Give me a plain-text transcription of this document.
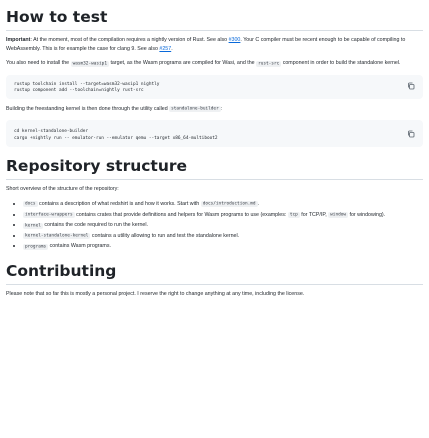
How to test

Important: At the moment, most of the compilation requires a nightly version of Rust. See also #300. Your C compiler must be recent enough to be capable of compiling to WebAssembly. This is for example the case for clang 9. See also #257.

You also need to install the wasm32-wasip1 target, as the Wasm programs are compiled for Wasi, and the rust-src component in order to build the standalone kernel.

rustup toolchain install --target=wasm32-wasip1 nightly
rustup component add --toolchain=nightly rust-src

Building the freestanding kernel is then done through the utility called standalone-builder :

cd kernel-standalone-builder
cargo +nightly run -- emulator-run --emulator qemu --target x86_64-multiboot2
Repository structure

Short overview of the structure of the repository:

• docs contains a description of what redshirt is and how it works. Start with docs/introduction.md .
• interface-wrappers contains crates that provide definitions and helpers for Wasm programs to use (examples: tcp for TCP/IP, window for windowing).
• kernel contains the code required to run the kernel.
• kernel-standalone-kernel contains a utility allowing to run and test the standalone kernel.
• programs contains Wasm programs.
Contributing

Please note that so far this is mostly a personal project. I reserve the right to change anything at any time, including the license.
